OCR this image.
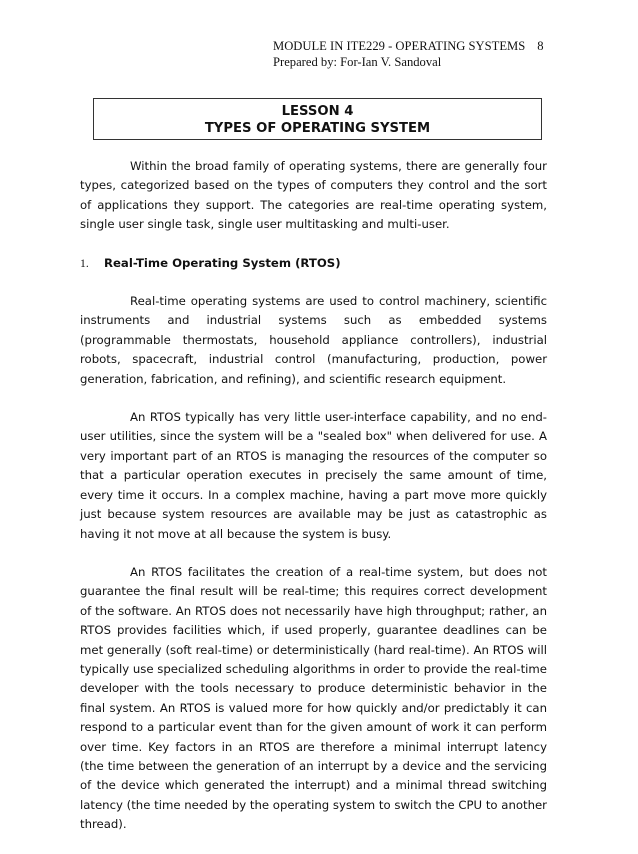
MODULE IN ITE229 - OPERATING SYSTEMS 8
Prepared by: For-Ian V. Sandoval
LESSON 4
TYPES OF OPERATING SYSTEM

Within the broad family of operating systems, there are generally four types, categorized based on the types of computers they control and the sort of applications they support. The categories are real-time operating system, single user single task, single user multitasking and multi-user.

1. Real-Time Operating System (RTOS)

Real-time operating systems are used to control machinery, scientific instruments and industrial systems such as embedded systems (programmable thermostats, household appliance controllers), industrial robots, spacecraft, industrial control (manufacturing, production, power generation, fabrication, and refining), and scientific research equipment.

An RTOS typically has very little user-interface capability, and no end-user utilities, since the system will be a "sealed box" when delivered for use. A very important part of an RTOS is managing the resources of the computer so that a particular operation executes in precisely the same amount of time, every time it occurs. In a complex machine, having a part move more quickly just because system resources are available may be just as catastrophic as having it not move at all because the system is busy.

An RTOS facilitates the creation of a real-time system, but does not guarantee the final result will be real-time; this requires correct development of the software. An RTOS does not necessarily have high throughput; rather, an RTOS provides facilities which, if used properly, guarantee deadlines can be met generally (soft real-time) or deterministically (hard real-time). An RTOS will typically use specialized scheduling algorithms in order to provide the real-time developer with the tools necessary to produce deterministic behavior in the final system. An RTOS is valued more for how quickly and/or predictably it can respond to a particular event than for the given amount of work it can perform over time. Key factors in an RTOS are therefore a minimal interrupt latency (the time between the generation of an interrupt by a device and the servicing of the device which generated the interrupt) and a minimal thread switching latency (the time needed by the operating system to switch the CPU to another thread).
